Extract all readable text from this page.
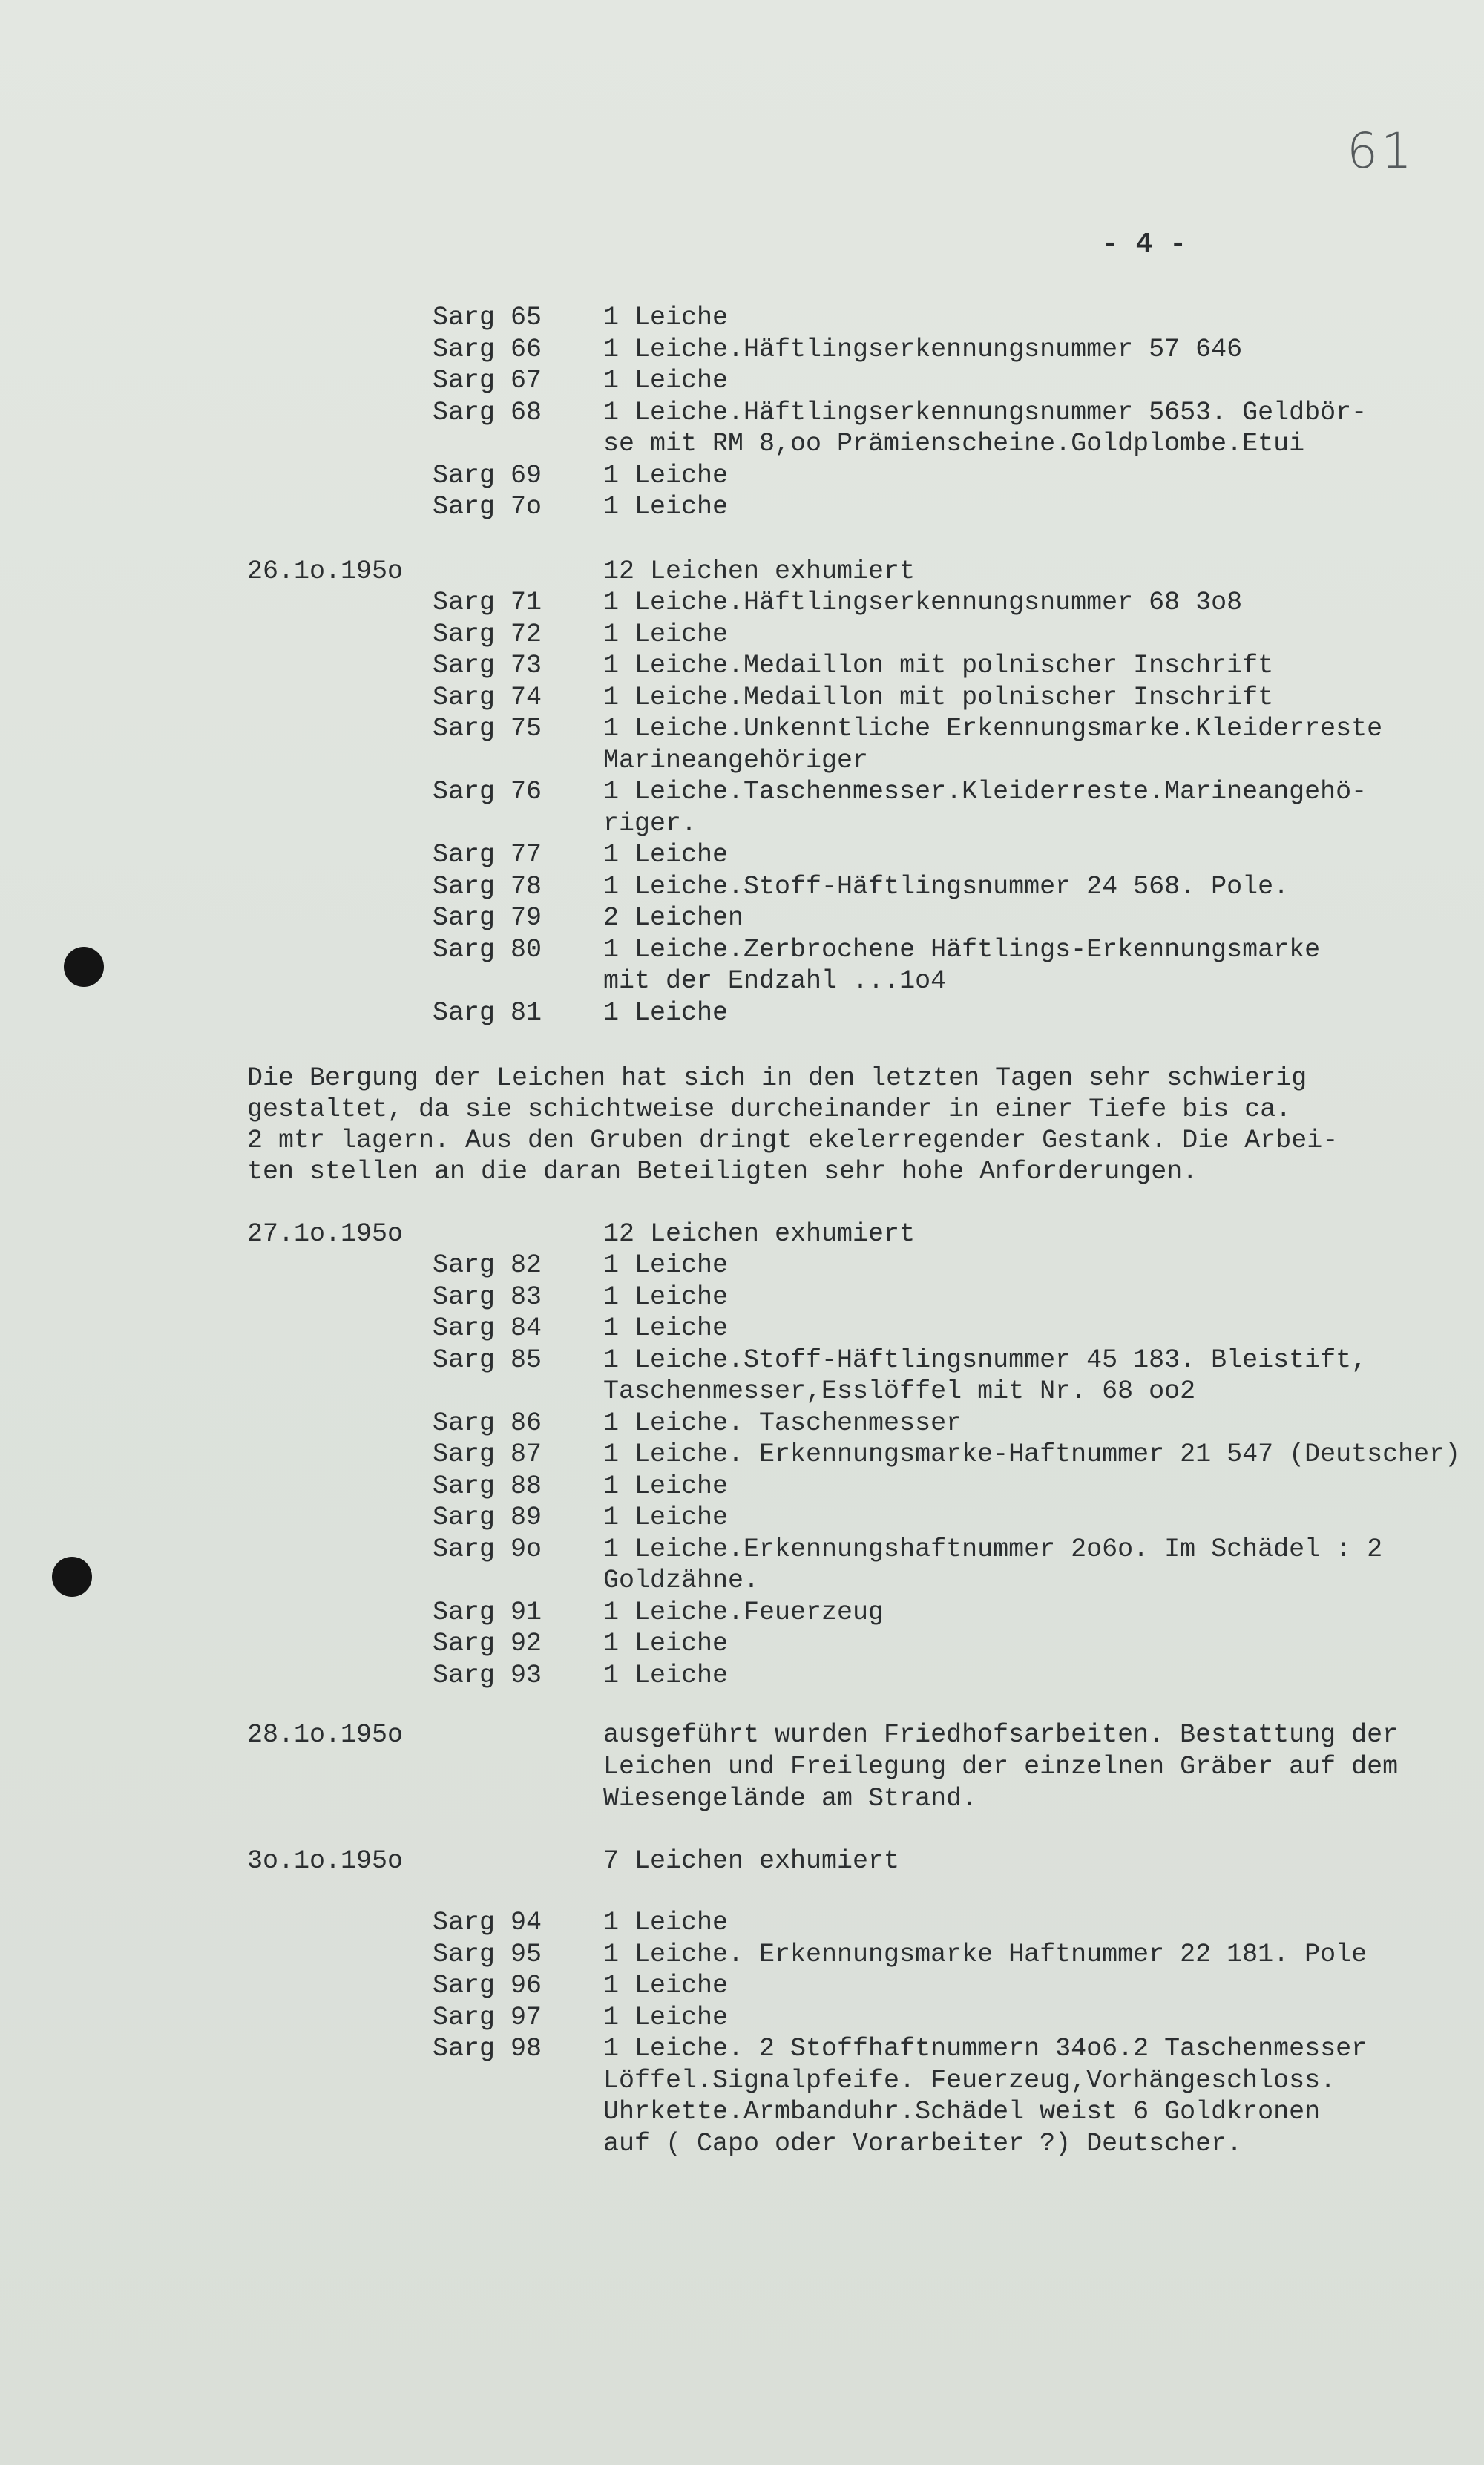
61
- 4 -
Sarg 65 1 Leiche
Sarg 66 1 Leiche.Häftlingserkennungsnummer 57 646
Sarg 67 1 Leiche
Sarg 68 1 Leiche.Häftlingserkennungsnummer 5653. Geldbör-
se mit RM 8,oo Prämienscheine.Goldplombe.Etui
Sarg 69 1 Leiche
Sarg 7o 1 Leiche
26.1o.195o	12 Leichen exhumiert
Sarg 71 1 Leiche.Häftlingserkennungsnummer 68 3o8
Sarg 72 1 Leiche
Sarg 73 1 Leiche.Medaillon mit polnischer Inschrift
Sarg 74 1 Leiche.Medaillon mit polnischer Inschrift
Sarg 75 1 Leiche.Unkenntliche Erkennungsmarke.Kleiderreste
Marineangehöriger
Sarg 76 1 Leiche.Taschenmesser.Kleiderreste.Marineangehö-
riger.
Sarg 77 1 Leiche
Sarg 78 1 Leiche.Stoff-Häftlingsnummer 24 568. Pole.
Sarg 79 2 Leichen
Sarg 80 1 Leiche.Zerbrochene Häftlings-Erkennungsmarke
mit der Endzahl ...1o4
Sarg 81 1 Leiche
Die Bergung der Leichen hat sich in den letzten Tagen sehr schwierig
gestaltet, da sie schichtweise durcheinander in einer Tiefe bis ca.
2 mtr lagern. Aus den Gruben dringt ekelerregender Gestank. Die Arbei-
ten stellen an die daran Beteiligten sehr hohe Anforderungen.
27.1o.195o	12 Leichen exhumiert
Sarg 82 1 Leiche
Sarg 83 1 Leiche
Sarg 84 1 Leiche
Sarg 85 1 Leiche.Stoff-Häftlingsnummer 45 183. Bleistift,
Taschenmesser,Esslöffel mit Nr. 68 oo2
Sarg 86 1 Leiche. Taschenmesser
Sarg 87 1 Leiche. Erkennungsmarke-Haftnummer 21 547 (Deutscher)
Sarg 88 1 Leiche
Sarg 89 1 Leiche
Sarg 9o 1 Leiche.Erkennungshaftnummer 2o6o. Im Schädel : 2
Goldzähne.
Sarg 91 1 Leiche.Feuerzeug
Sarg 92 1 Leiche
Sarg 93 1 Leiche
28.1o.195o	ausgeführt wurden Friedhofsarbeiten. Bestattung der
Leichen und Freilegung der einzelnen Gräber auf dem
Wiesengelände am Strand.
3o.1o.195o	7 Leichen exhumiert
Sarg 94 1 Leiche
Sarg 95 1 Leiche. Erkennungsmarke Haftnummer 22 181. Pole
Sarg 96 1 Leiche
Sarg 97 1 Leiche
Sarg 98 1 Leiche. 2 Stoffhaftnummern 34o6.2 Taschenmesser
Löffel.Signalpfeife. Feuerzeug,Vorhängeschloss.
Uhrkette.Armbanduhr.Schädel weist 6 Goldkronen
auf ( Capo oder Vorarbeiter ?) Deutscher.
